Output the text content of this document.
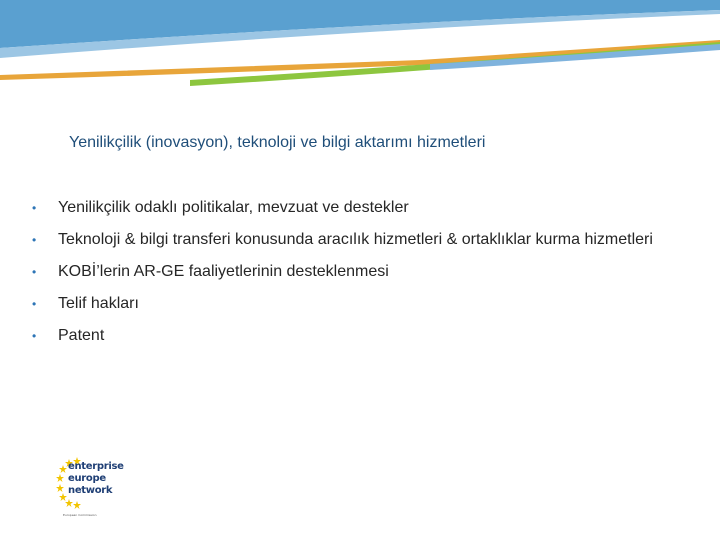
Yenilikçilik (inovasyon), teknoloji ve bilgi aktarımı hizmetleri
• Yenilikçilik odaklı politikalar, mevzuat ve destekler
• Teknoloji & bilgi transferi konusunda aracılık hizmetleri & ortaklıklar kurma hizmetleri
• KOBİ’lerin AR-GE faaliyetlerinin desteklenmesi
• Telif hakları
• Patent
enterprise
europe
network
European Commission
